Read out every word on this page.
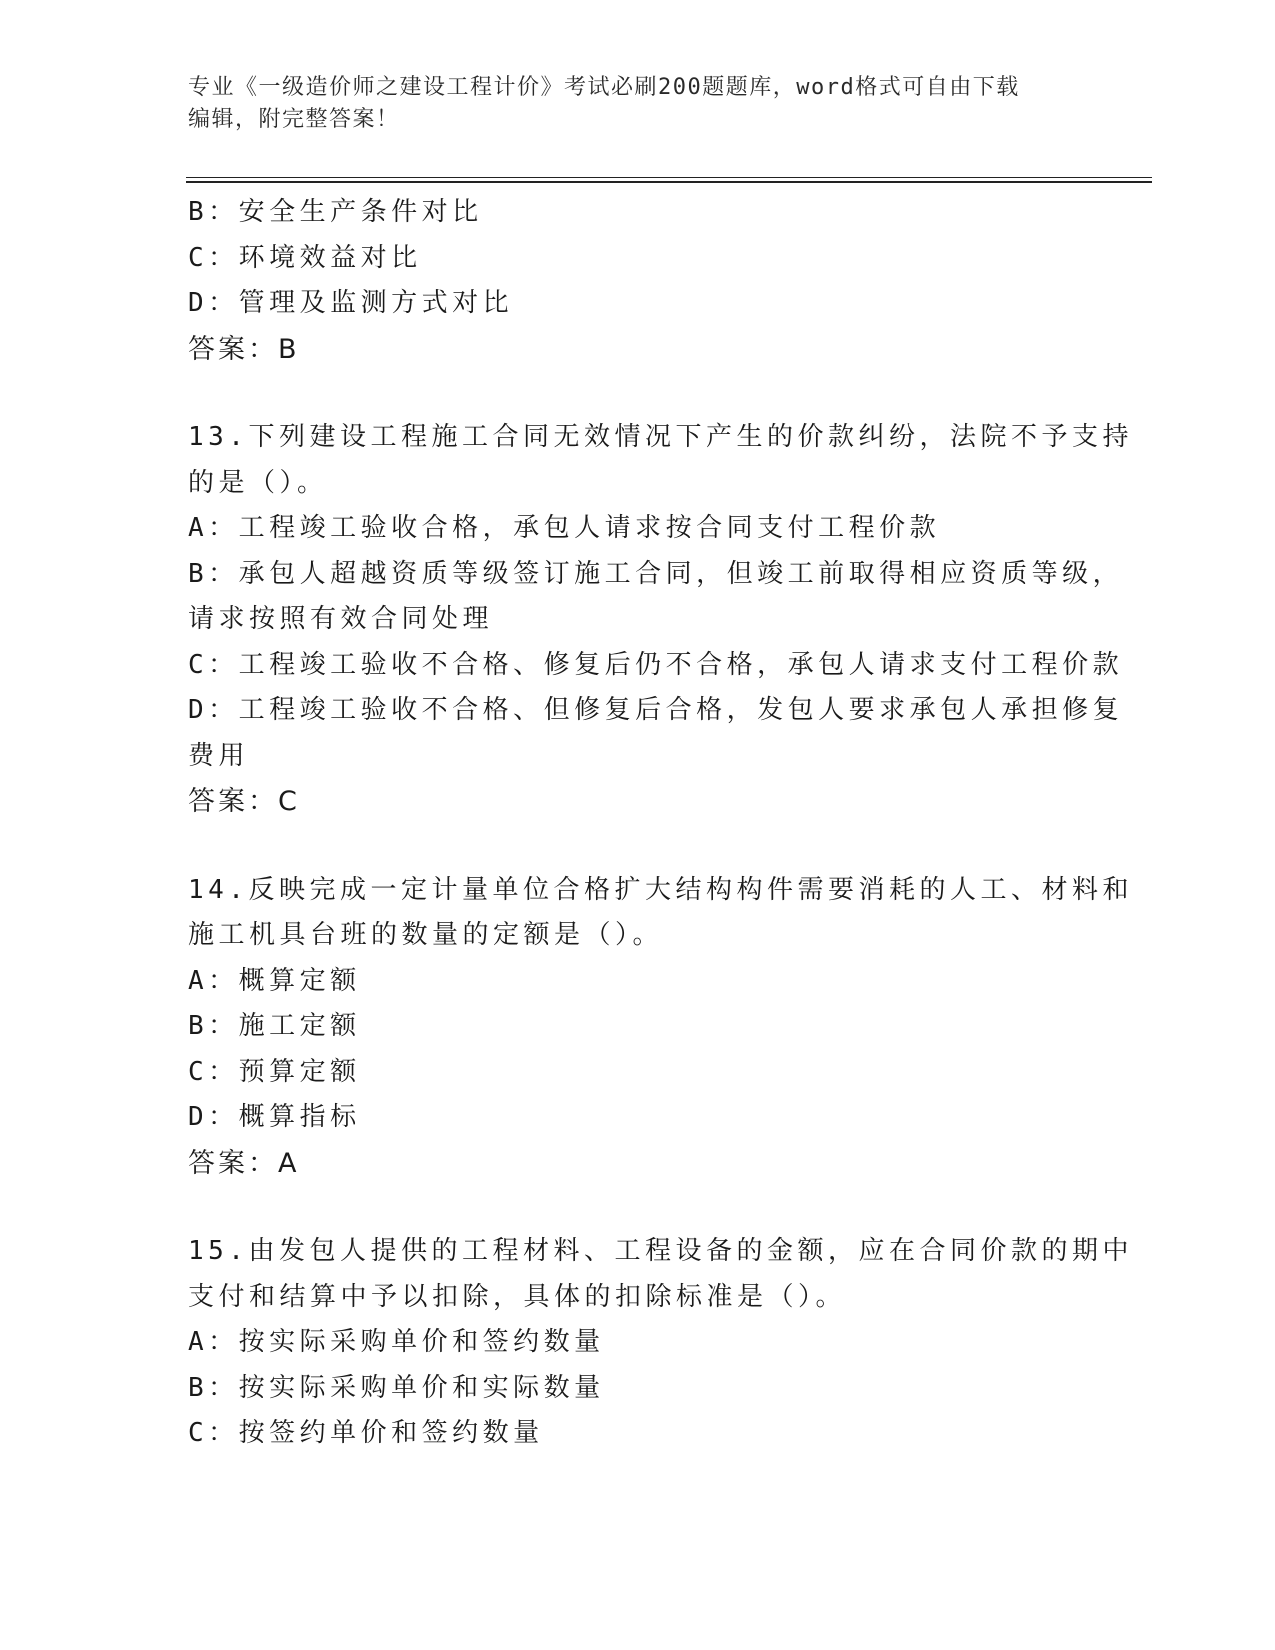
专业《一级造价师之建设工程计价》考试必刷200题题库，word格式可自由下载
编辑，附完整答案！
B：安全生产条件对比
C：环境效益对比
D：管理及监测方式对比
答案：B
13.下列建设工程施工合同无效情况下产生的价款纠纷，法院不予支持
的是（）。
A：工程竣工验收合格，承包人请求按合同支付工程价款
B：承包人超越资质等级签订施工合同，但竣工前取得相应资质等级，
请求按照有效合同处理
C：工程竣工验收不合格、修复后仍不合格，承包人请求支付工程价款
D：工程竣工验收不合格、但修复后合格，发包人要求承包人承担修复
费用
答案：C
14.反映完成一定计量单位合格扩大结构构件需要消耗的人工、材料和
施工机具台班的数量的定额是（）。
A：概算定额
B：施工定额
C：预算定额
D：概算指标
答案：A
15.由发包人提供的工程材料、工程设备的金额，应在合同价款的期中
支付和结算中予以扣除，具体的扣除标准是（）。
A：按实际采购单价和签约数量
B：按实际采购单价和实际数量
C：按签约单价和签约数量
